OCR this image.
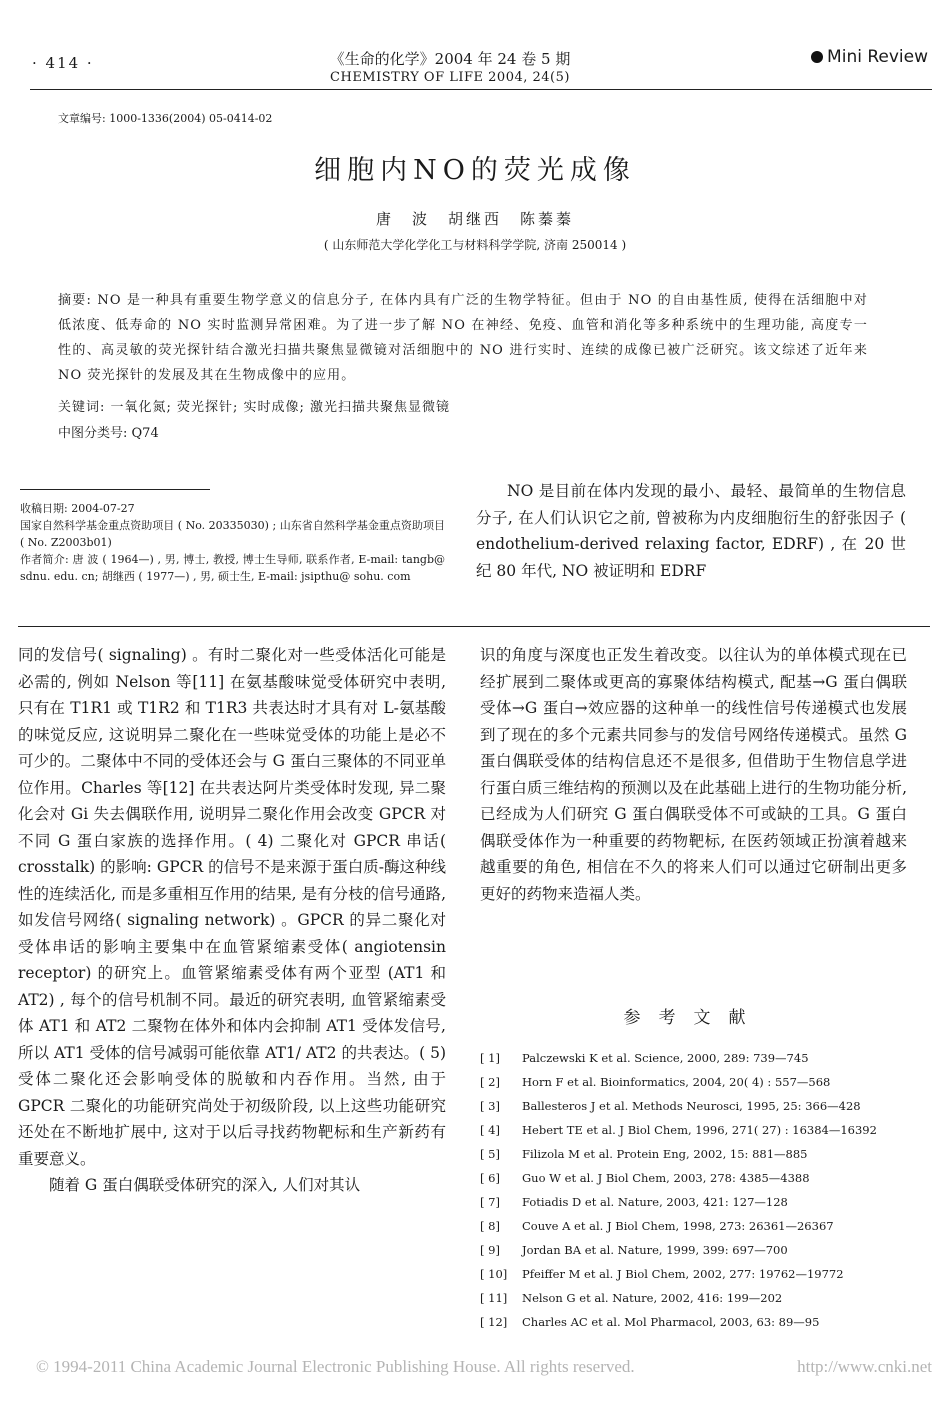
· 414 ·	《生命的化学》2004 年 24 卷 5 期
CHEMISTRY OF LIFE 2004, 24(5)
Mini Review
文章编号: 1000-1336(2004) 05-0414-02
细胞内NO的荧光成像
唐　波　胡继西　陈蓁蓁
( 山东师范大学化学化工与材料科学学院, 济南 250014 )
摘要: NO 是一种具有重要生物学意义的信息分子, 在体内具有广泛的生物学特征。但由于 NO 的自由基性质, 使得在活细胞中对低浓度、低寿命的 NO 实时监测异常困难。为了进一步了解 NO 在神经、免疫、血管和消化等多种系统中的生理功能, 高度专一性的、高灵敏的荧光探针结合激光扫描共聚焦显微镜对活细胞中的 NO 进行实时、连续的成像已被广泛研究。该文综述了近年来 NO 荧光探针的发展及其在生物成像中的应用。
关键词: 一氧化氮; 荧光探针; 实时成像; 激光扫描共聚焦显微镜
中图分类号: Q74

收稿日期: 2004-07-27

国家自然科学基金重点资助项目 ( No. 20335030) ; 山东省自然科学基金重点资助项目 ( No. Z2003b01)

作者简介: 唐 波 ( 1964—) , 男, 博士, 教授, 博士生导师, 联系作者, E-mail: tangb@ sdnu. edu. cn; 胡继西 ( 1977—) , 男, 硕士生, E-mail: jsipthu@ sohu. com

NO 是目前在体内发现的最小、最轻、最简单的生物信息分子, 在人们认识它之前, 曾被称为内皮细胞衍生的舒张因子 ( endothelium-derived relaxing factor, EDRF) , 在 20 世纪 80 年代, NO 被证明和 EDRF

同的发信号( signaling) 。有时二聚化对一些受体活化可能是必需的, 例如 Nelson 等[11] 在氨基酸味觉受体研究中表明, 只有在 T1R1 或 T1R2 和 T1R3 共表达时才具有对 L-氨基酸的味觉反应, 这说明异二聚化在一些味觉受体的功能上是必不可少的。二聚体中不同的受体还会与 G 蛋白三聚体的不同亚单位作用。Charles 等[12] 在共表达阿片类受体时发现, 异二聚化会对 Gi 失去偶联作用, 说明异二聚化作用会改变 GPCR 对不同 G 蛋白家族的选择作用。( 4) 二聚化对 GPCR 串话( crosstalk) 的影响: GPCR 的信号不是来源于蛋白质-酶这种线性的连续活化, 而是多重相互作用的结果, 是有分枝的信号通路, 如发信号网络( signaling network) 。GPCR 的异二聚化对受体串话的影响主要集中在血管紧缩素受体( angiotensin receptor) 的研究上。血管紧缩素受体有两个亚型 (AT1 和 AT2) , 每个的信号机制不同。最近的研究表明, 血管紧缩素受体 AT1 和 AT2 二聚物在体外和体内会抑制 AT1 受体发信号, 所以 AT1 受体的信号减弱可能依靠 AT1/ AT2 的共表达。( 5) 受体二聚化还会影响受体的脱敏和内吞作用。当然, 由于 GPCR 二聚化的功能研究尚处于初级阶段, 以上这些功能研究还处在不断地扩展中, 这对于以后寻找药物靶标和生产新药有重要意义。

随着 G 蛋白偶联受体研究的深入, 人们对其认

识的角度与深度也正发生着改变。以往认为的单体模式现在已经扩展到二聚体或更高的寡聚体结构模式, 配基→G 蛋白偶联受体→G 蛋白→效应器的这种单一的线性信号传递模式也发展到了现在的多个元素共同参与的发信号网络传递模式。虽然 G 蛋白偶联受体的结构信息还不是很多, 但借助于生物信息学进行蛋白质三维结构的预测以及在此基础上进行的生物功能分析, 已经成为人们研究 G 蛋白偶联受体不可或缺的工具。G 蛋白偶联受体作为一种重要的药物靶标, 在医药领域正扮演着越来越重要的角色, 相信在不久的将来人们可以通过它研制出更多更好的药物来造福人类。

参考文献
[ 1]	Palczewski K et al. Science, 2000, 289: 739—745
[ 2]	Horn F et al. Bioinformatics, 2004, 20( 4) : 557—568
[ 3]	Ballesteros J et al. Methods Neurosci, 1995, 25: 366—428
[ 4]	Hebert TE et al. J Biol Chem, 1996, 271( 27) : 16384—16392
[ 5]	Filizola M et al. Protein Eng, 2002, 15: 881—885
[ 6]	Guo W et al. J Biol Chem, 2003, 278: 4385—4388
[ 7]	Fotiadis D et al. Nature, 2003, 421: 127—128
[ 8]	Couve A et al. J Biol Chem, 1998, 273: 26361—26367
[ 9]	Jordan BA et al. Nature, 1999, 399: 697—700
[ 10]	Pfeiffer M et al. J Biol Chem, 2002, 277: 19762—19772
[ 11]	Nelson G et al. Nature, 2002, 416: 199—202
[ 12]	Charles AC et al. Mol Pharmacol, 2003, 63: 89—95
© 1994-2011 China Academic Journal Electronic Publishing House. All rights reserved.	http://www.cnki.net
